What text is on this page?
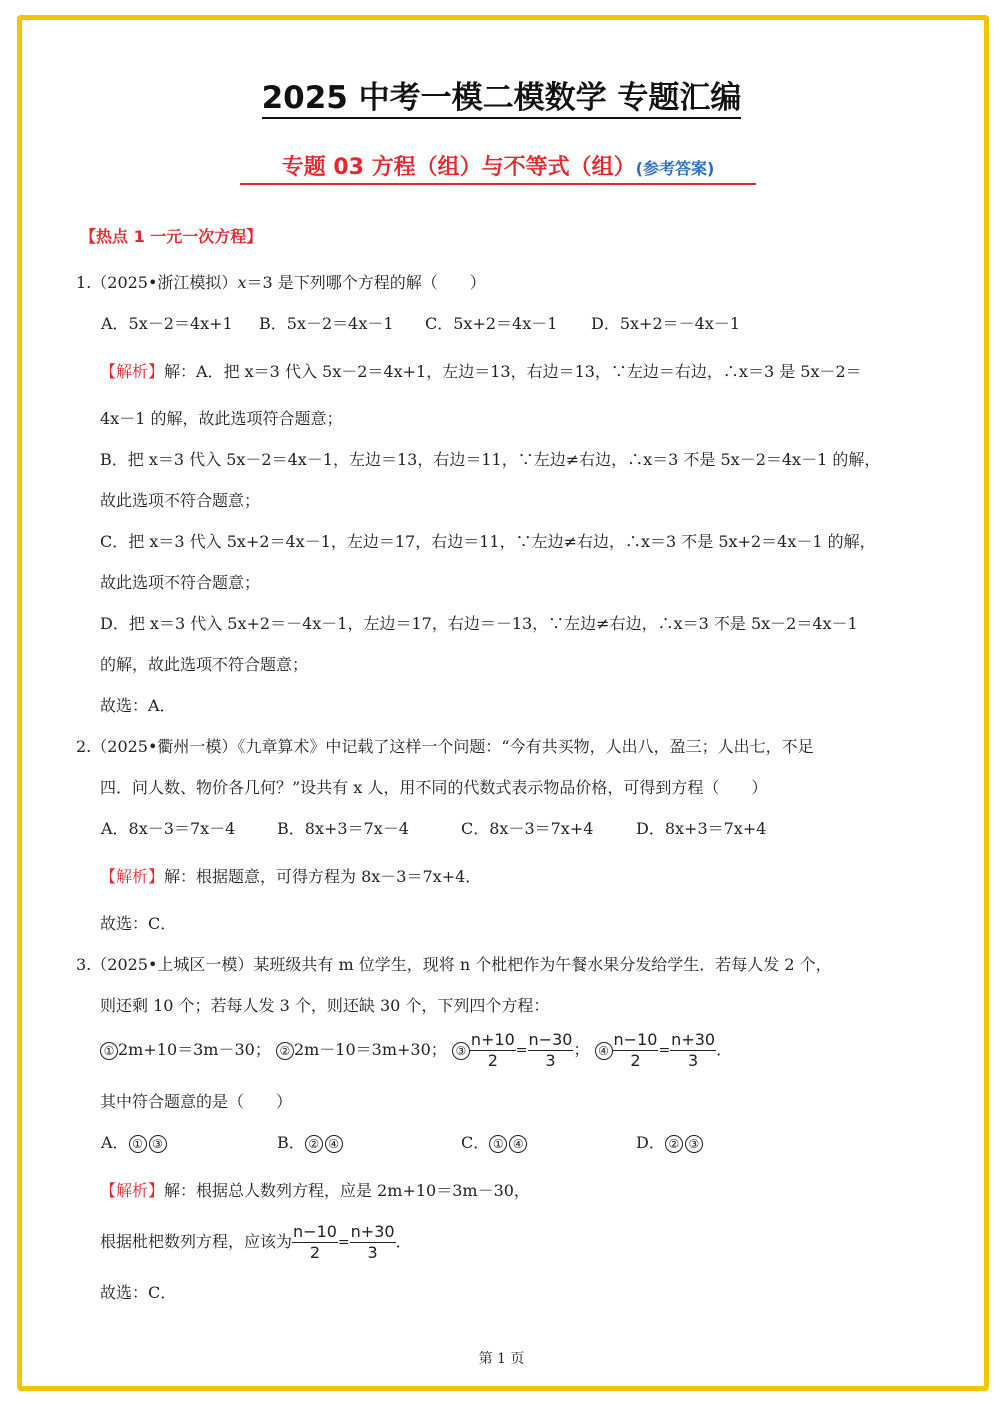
2025 中考一模二模数学 专题汇编
专题 03 方程（组）与不等式（组）(参考答案)
【热点 1 一元一次方程】
1.（2025•浙江模拟）x＝3 是下列哪个方程的解（　　）
A．5x－2＝4x+1 B．5x－2＝4x－1 C．5x+2＝4x－1 D．5x+2＝－4x－1
【解析】解：A．把 x＝3 代入 5x－2＝4x+1，左边＝13，右边＝13，∵左边＝右边，∴x＝3 是 5x－2＝
4x－1 的解，故此选项符合题意；
B．把 x＝3 代入 5x－2＝4x－1，左边＝13，右边＝11，∵左边≠右边，∴x＝3 不是 5x－2＝4x－1 的解，
故此选项不符合题意；
C．把 x＝3 代入 5x+2＝4x－1，左边＝17，右边＝11，∵左边≠右边，∴x＝3 不是 5x+2＝4x－1 的解，
故此选项不符合题意；
D．把 x＝3 代入 5x+2＝－4x－1，左边＝17，右边＝－13，∵左边≠右边，∴x＝3 不是 5x－2＝4x－1
的解，故此选项不符合题意；
故选：A．
2.（2025•衢州一模）《九章算术》中记载了这样一个问题：“今有共买物，人出八，盈三；人出七，不足
四．问人数、物价各几何？”设共有 x 人，用不同的代数式表示物品价格，可得到方程（　　）
A．8x－3＝7x－4	B．8x+3＝7x－4	C．8x－3＝7x+4	D．8x+3＝7x+4
【解析】解：根据题意，可得方程为 8x－3＝7x+4．
故选：C．
3.（2025•上城区一模）某班级共有 m 位学生，现将 n 个枇杷作为午餐水果分发给学生．若每人发 2 个，
则还剩 10 个；若每人发 3 个，则还缺 30 个，下列四个方程：
① 2m+10＝3m－30； ② 2m－10＝3m+30； ③ $\frac{n+10}{2} = \frac{n-30}{3}$ ； ④ $\frac{n-10}{2} = \frac{n+30}{3}$ ．
其中符合题意的是（　　）
A． ① ③	B． ② ④	C． ① ④	D． ② ③
【解析】解：根据总人数列方程，应是 2m+10＝3m－30，
根据枇杷数列方程，应该为 $\frac{n-10}{2} = \frac{n+30}{3}$ ．
故选：C．
第 1 页
